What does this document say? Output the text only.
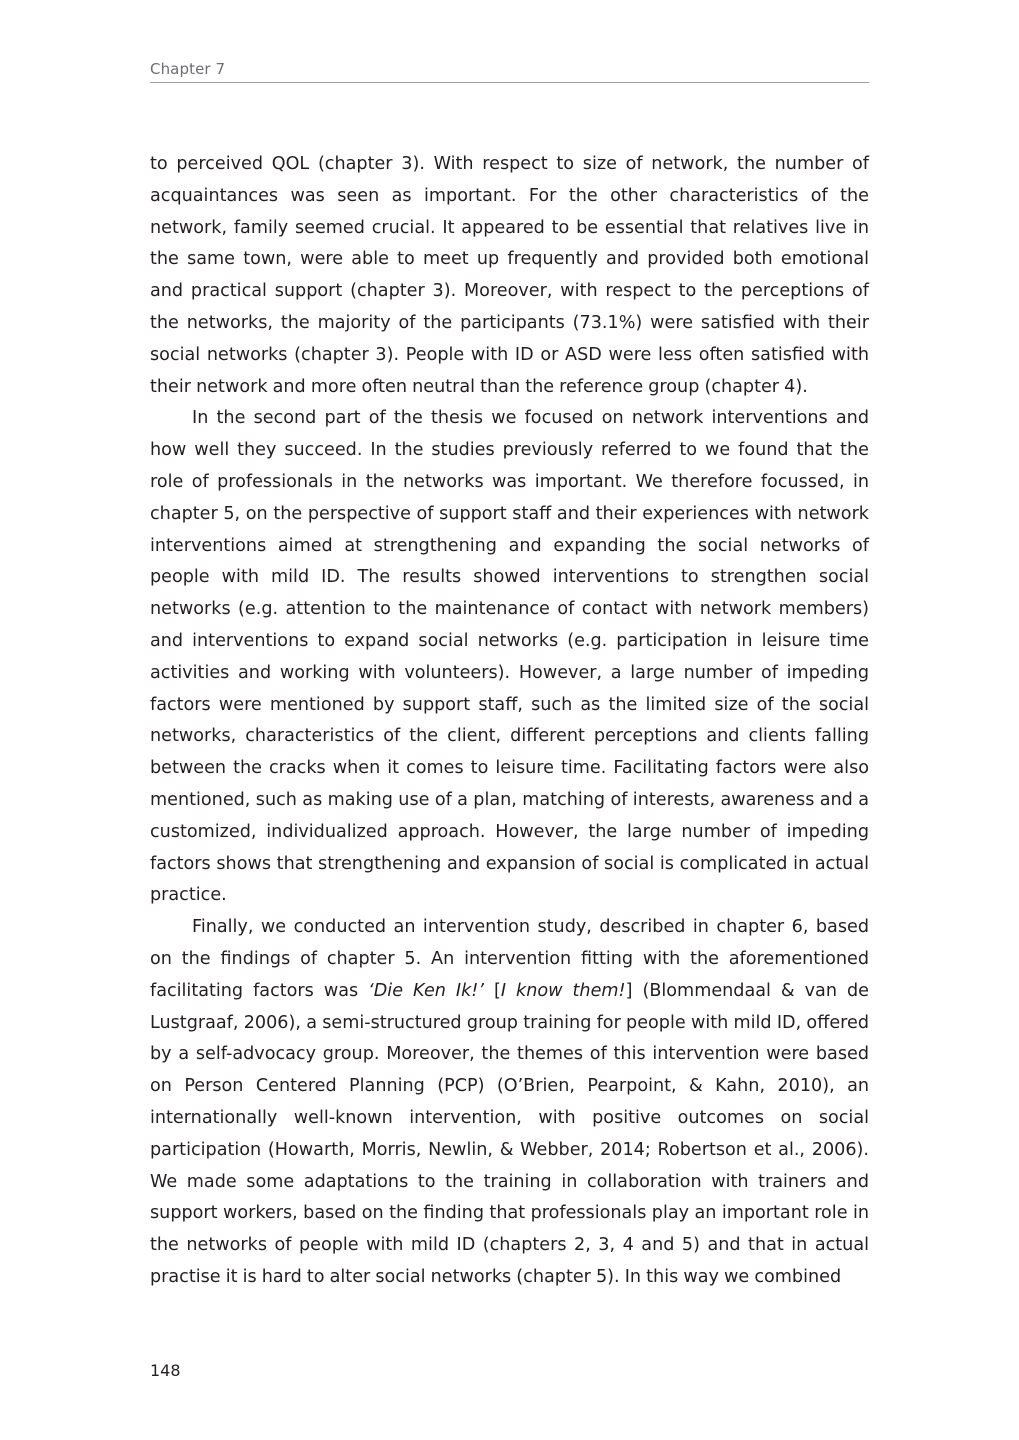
Chapter 7

to perceived QOL (chapter 3). With respect to size of network, the number of acquaintances was seen as important. For the other characteristics of the network, family seemed crucial. It appeared to be essential that relatives live in the same town, were able to meet up frequently and provided both emotional and practical support (chapter 3). Moreover, with respect to the perceptions of the networks, the majority of the participants (73.1%) were satisfied with their social networks (chapter 3). People with ID or ASD were less often satisfied with their network and more often neutral than the reference group (chapter 4).

In the second part of the thesis we focused on network interventions and how well they succeed. In the studies previously referred to we found that the role of professionals in the networks was important. We therefore focussed, in chapter 5, on the perspective of support staff and their experiences with network interventions aimed at strengthening and expanding the social networks of people with mild ID. The results showed interventions to strengthen social networks (e.g. attention to the maintenance of contact with network members) and interventions to expand social networks (e.g. participation in leisure time activities and working with volunteers). However, a large number of impeding factors were mentioned by support staff, such as the limited size of the social networks, characteristics of the client, different perceptions and clients falling between the cracks when it comes to leisure time. Facilitating factors were also mentioned, such as making use of a plan, matching of interests, awareness and a customized, individualized approach. However, the large number of impeding factors shows that strengthening and expansion of social is complicated in actual practice.

Finally, we conducted an intervention study, described in chapter 6, based on the findings of chapter 5. An intervention fitting with the aforementioned facilitating factors was ‘Die Ken Ik!’ [I know them!] (Blommendaal & van de Lustgraaf, 2006), a semi-structured group training for people with mild ID, offered by a self-advocacy group. Moreover, the themes of this intervention were based on Person Centered Planning (PCP) (O’Brien, Pearpoint, & Kahn, 2010), an internationally well-known intervention, with positive outcomes on social participation (Howarth, Morris, Newlin, & Webber, 2014; Robertson et al., 2006). We made some adaptations to the training in collaboration with trainers and support workers, based on the finding that professionals play an important role in the networks of people with mild ID (chapters 2, 3, 4 and 5) and that in actual practise it is hard to alter social networks (chapter 5). In this way we combined

148
